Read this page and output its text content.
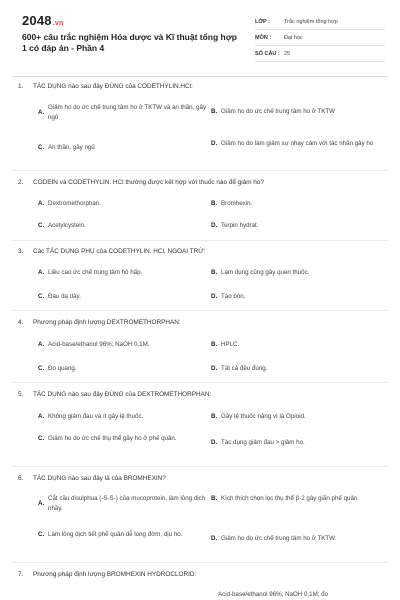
2048.vn
600+ câu trắc nghiệm Hóa dược và Kĩ thuật tổng hợp 1 có đáp án - Phần 4
LỚP :	Trắc nghiệm tổng hợp
MÔN :	Đại học
SỐ CÂU : 25
1. TÁC DỤNG nào sau đây ĐÚNG của CODETHYLIN.HCl:
A.
Giảm ho do ức chế trung tâm ho ở TKTW và an thần, gây ngủ
B. Giảm ho do ức chế trung tâm ho ở TKTW
C. An thần, gây ngủ
D. Giảm ho do làm giảm sự nhạy cảm với tác nhân gây ho
2. CODEIN và CODETHYLIN. HCl thường được kết hợp với thuốc nào để giảm ho?
A. Dextromethorphan.	B. Bromhexin.
C. Acetylcystein.	D. Terpin hydrat.
3. Các TÁC DỤNG PHỤ của CODETHYLIN. HCl, NGOẠI TRỪ:
A. Liều cao ức chế trung tâm hô hấp.	B. Lạm dụng cũng gây quen thuốc.
C. Đau dạ dày.	D. Táo bón.
4. Phương pháp định lượng DEXTROMETHORPHAN:
A. Acid-base/ethanol 96%; NaOH 0,1M.	B. HPLC.
C. Đo quang.	D. Tất cả đều đúng.
5. TÁC DỤNG nào sau đây ĐÚNG của DEXTROMETHORPHAN:
A. Không giảm đau và ít gây lệ thuốc.	B. Gây lệ thuốc nặng vì là Opioid.
C. Giảm ho do ức chế thụ thể gây ho ở phế quản.
D. Tác dụng giảm đau > giảm ho.
6. TÁC DỤNG nào sau đây là của BROMHEXIN?
A.
Cắt cầu disulphua (-S-S-) của mucoprotein, làm lỏng dịch nhầy.
B. Kích thích chọn lọc thụ thể β-2 gây giãn phế quản.
C. Làm lỏng dịch tiết phế quản dễ long đờm, dịu ho.
D. Giảm ho do ức chế trung tâm ho ở TKTW.
7. Phương pháp định lượng BROMHEXIN HYDROCLORID:
Acid-base/ethanol 96%; NaOH 0,1M; đo
